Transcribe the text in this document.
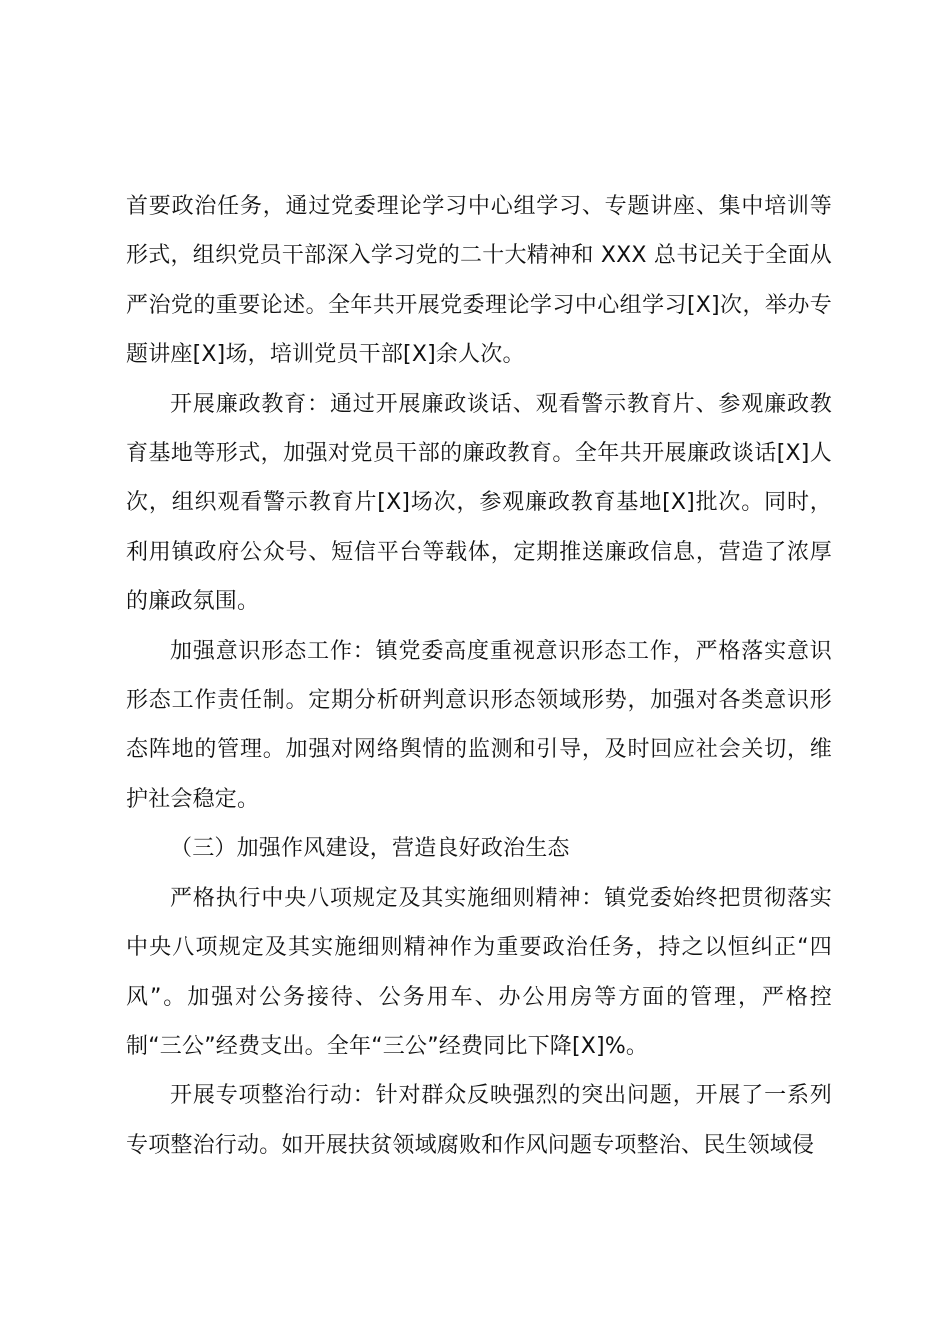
首要政治任务，通过党委理论学习中心组学习、专题讲座、集中培训等形式，组织党员干部深入学习党的二十大精神和 XXX 总书记关于全面从严治党的重要论述。全年共开展党委理论学习中心组学习[X]次，举办专题讲座[X]场，培训党员干部[X]余人次。

开展廉政教育：通过开展廉政谈话、观看警示教育片、参观廉政教育基地等形式，加强对党员干部的廉政教育。全年共开展廉政谈话[X]人次，组织观看警示教育片[X]场次，参观廉政教育基地[X]批次。同时，利用镇政府公众号、短信平台等载体，定期推送廉政信息，营造了浓厚的廉政氛围。

加强意识形态工作：镇党委高度重视意识形态工作，严格落实意识形态工作责任制。定期分析研判意识形态领域形势，加强对各类意识形态阵地的管理。加强对网络舆情的监测和引导，及时回应社会关切，维护社会稳定。

（三）加强作风建设，营造良好政治生态

严格执行中央八项规定及其实施细则精神：镇党委始终把贯彻落实中央八项规定及其实施细则精神作为重要政治任务，持之以恒纠正“四风”。加强对公务接待、公务用车、办公用房等方面的管理，严格控制“三公”经费支出。全年“三公”经费同比下降[X]%。

开展专项整治行动：针对群众反映强烈的突出问题，开展了一系列专项整治行动。如开展扶贫领域腐败和作风问题专项整治、民生领域侵
